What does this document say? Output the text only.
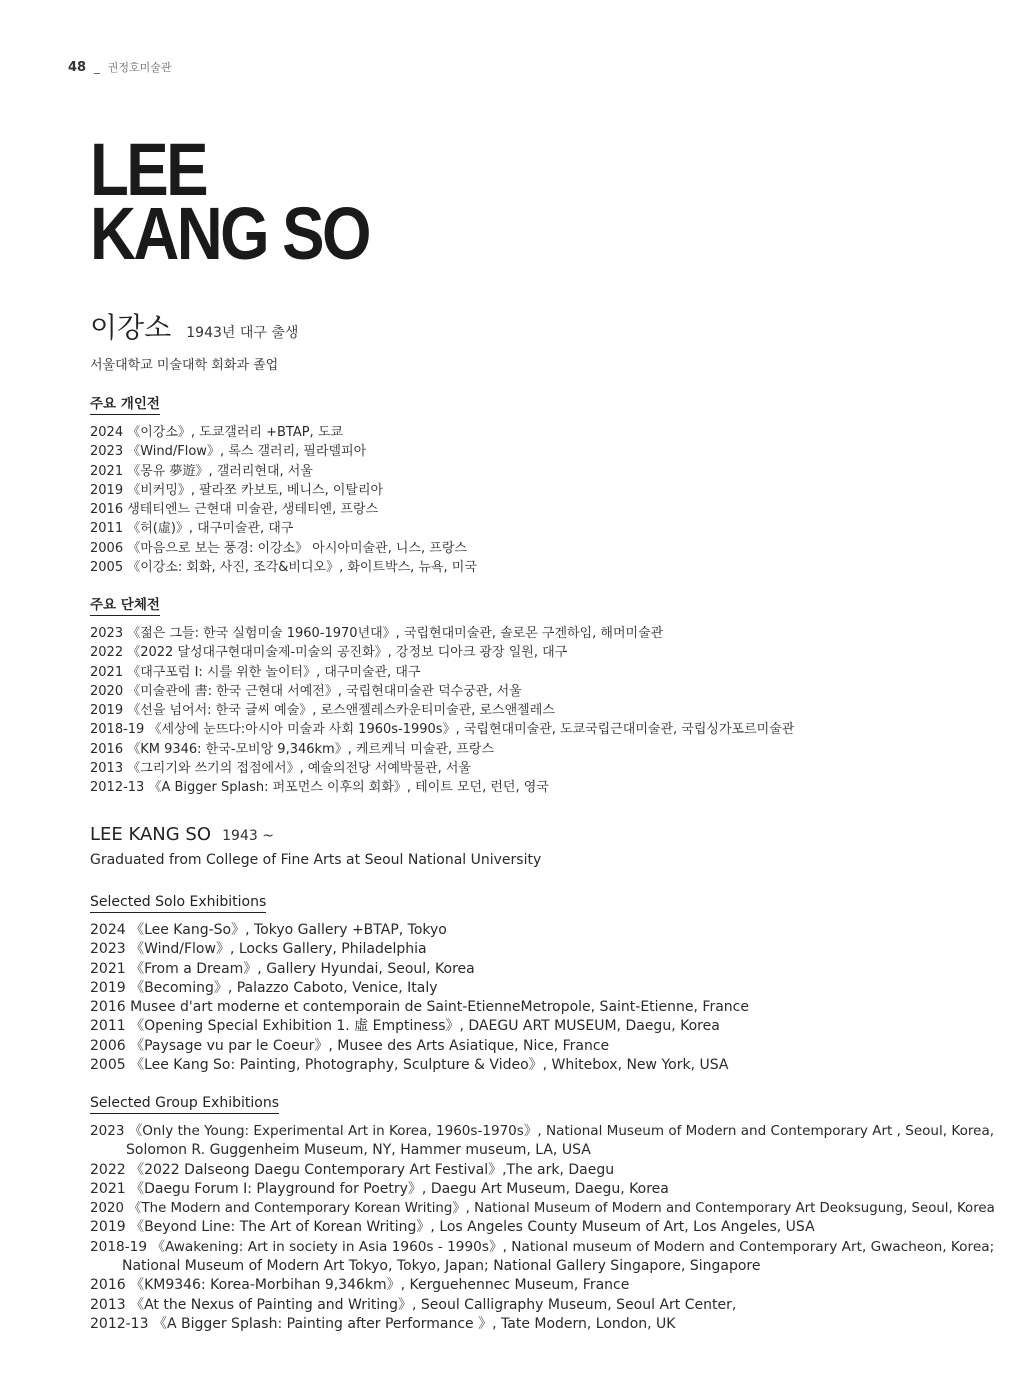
48 _ 권정호미술관
LEE
KANG SO
이강소 1943년 대구 출생
서울대학교 미술대학 회화과 졸업
주요 개인전
2024 《이강소》, 도쿄갤러리 +BTAP, 도쿄
2023 《Wind/Flow》, 록스 갤러리, 필라델피아
2021 《몽유 夢遊》, 갤러리현대, 서울
2019 《비커밍》, 팔라쪼 카보토, 베니스, 이탈리아
2016 생테티엔느 근현대 미술관, 생테티엔, 프랑스
2011 《허(虛)》, 대구미술관, 대구
2006 《마음으로 보는 풍경: 이강소》 아시아미술관, 니스, 프랑스
2005 《이강소: 회화, 사진, 조각&비디오》, 화이트박스, 뉴욕, 미국
주요 단체전
2023 《젊은 그들: 한국 실험미술 1960-1970년대》, 국립현대미술관, 솔로몬 구겐하임, 해머미술관
2022 《2022 달성대구현대미술제-미술의 공진화》, 강정보 디아크 광장 일원, 대구
2021 《대구포럼 I: 시를 위한 놀이터》, 대구미술관, 대구
2020 《미술관에 書: 한국 근현대 서예전》, 국립현대미술관 덕수궁관, 서울
2019 《선을 넘어서: 한국 글씨 예술》, 로스앤젤레스카운티미술관, 로스앤젤레스
2018-19 《세상에 눈뜨다:아시아 미술과 사회 1960s-1990s》, 국립현대미술관, 도쿄국립근대미술관, 국립싱가포르미술관
2016 《KM 9346: 한국-모비앙 9,346km》, 케르케닉 미술관, 프랑스
2013 《그리기와 쓰기의 접점에서》, 예술의전당 서예박물관, 서울
2012-13 《A Bigger Splash: 퍼포먼스 이후의 회화》, 테이트 모던, 런던, 영국
LEE KANG SO 1943 ~
Graduated from College of Fine Arts at Seoul National University
Selected Solo Exhibitions
2024 《Lee Kang-So》, Tokyo Gallery +BTAP, Tokyo
2023 《Wind/Flow》, Locks Gallery, Philadelphia
2021 《From a Dream》, Gallery Hyundai, Seoul, Korea
2019 《Becoming》, Palazzo Caboto, Venice, Italy
2016 Musee d'art moderne et contemporain de Saint-EtienneMetropole, Saint-Etienne, France
2011 《Opening Special Exhibition 1. 虛 Emptiness》, DAEGU ART MUSEUM, Daegu, Korea
2006 《Paysage vu par le Coeur》, Musee des Arts Asiatique, Nice, France
2005 《Lee Kang So: Painting, Photography, Sculpture & Video》, Whitebox, New York, USA
Selected Group Exhibitions
2023 《Only the Young: Experimental Art in Korea, 1960s-1970s》, National Museum of Modern and Contemporary Art , Seoul, Korea,
Solomon R. Guggenheim Museum, NY, Hammer museum, LA, USA
2022 《2022 Dalseong Daegu Contemporary Art Festival》,The ark, Daegu
2021 《Daegu Forum I: Playground for Poetry》, Daegu Art Museum, Daegu, Korea
2020 《The Modern and Contemporary Korean Writing》, National Museum of Modern and Contemporary Art Deoksugung, Seoul, Korea
2019 《Beyond Line: The Art of Korean Writing》, Los Angeles County Museum of Art, Los Angeles, USA
2018-19 《Awakening: Art in society in Asia 1960s - 1990s》, National museum of Modern and Contemporary Art, Gwacheon, Korea;
National Museum of Modern Art Tokyo, Tokyo, Japan; National Gallery Singapore, Singapore
2016 《KM9346: Korea-Morbihan 9,346km》, Kerguehennec Museum, France
2013 《At the Nexus of Painting and Writing》, Seoul Calligraphy Museum, Seoul Art Center,
2012-13 《A Bigger Splash: Painting after Performance 》, Tate Modern, London, UK
